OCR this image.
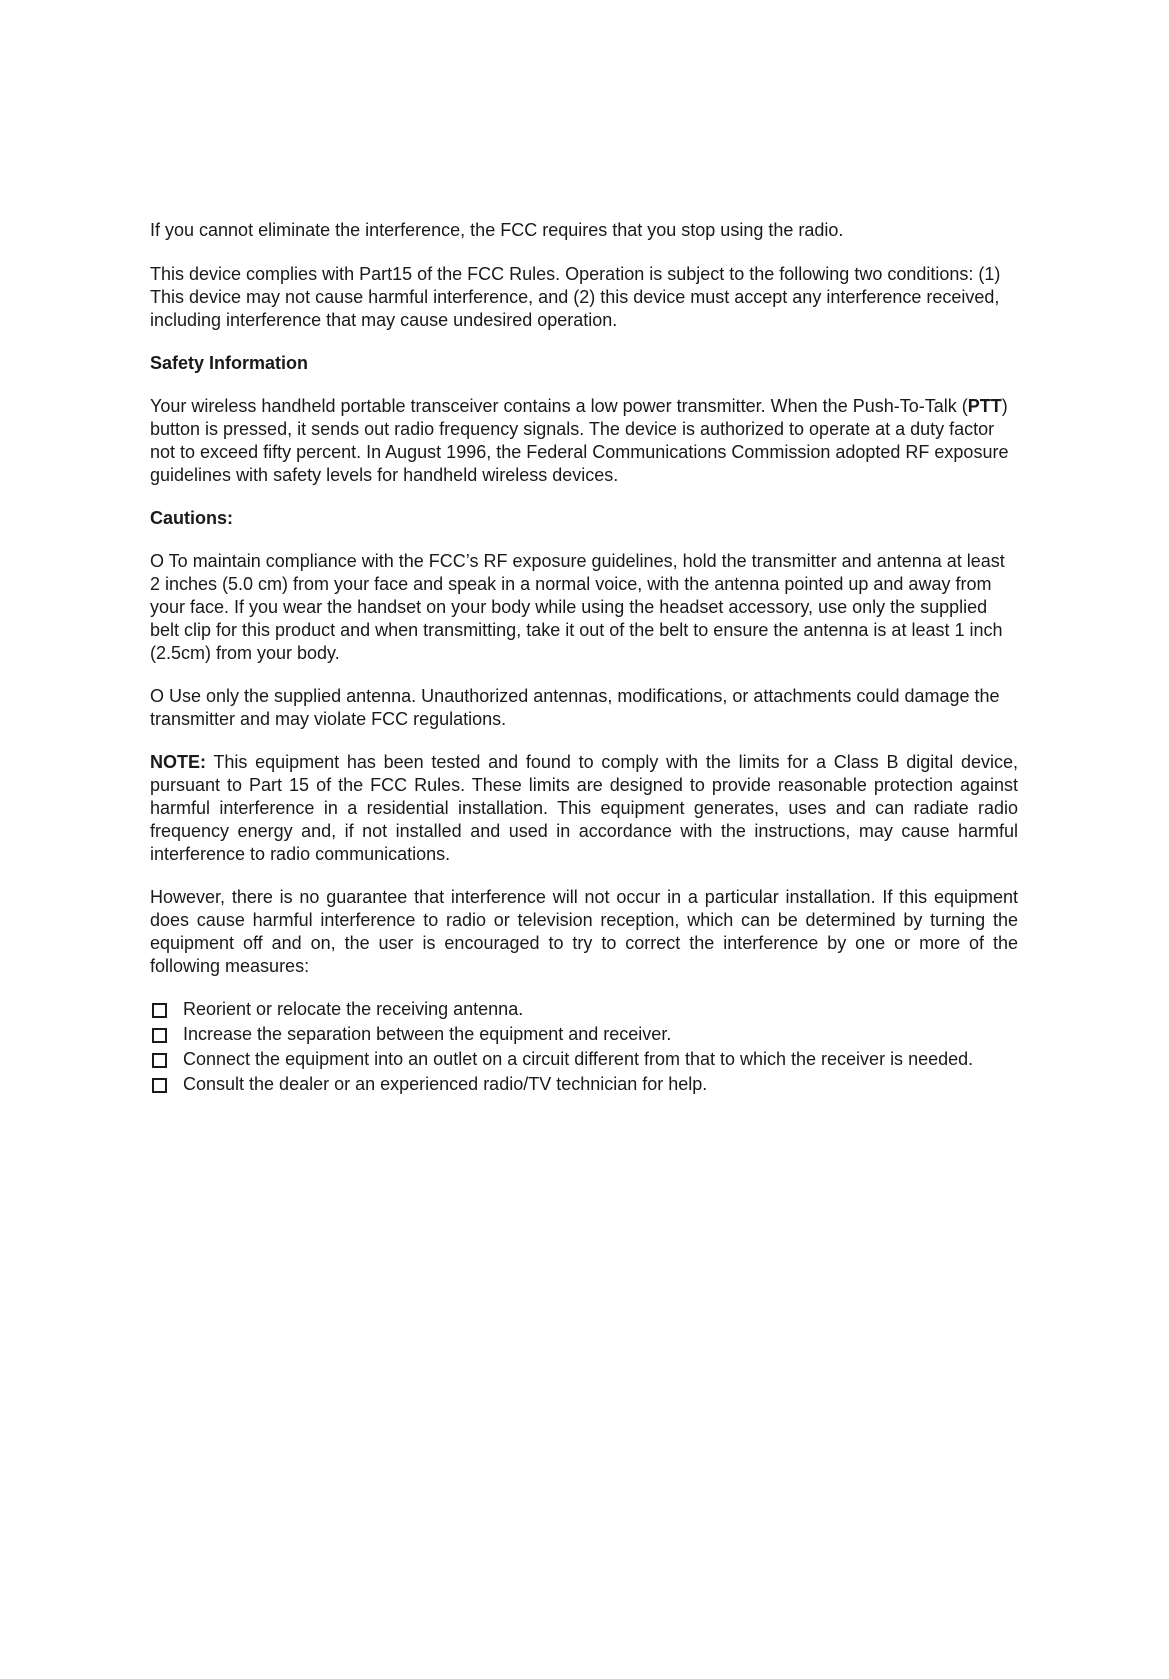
If you cannot eliminate the interference, the FCC requires that you stop using the radio.

This device complies with Part15 of the FCC Rules. Operation is subject to the following two conditions: (1) This device may not cause harmful interference, and (2) this device must accept any interference received, including interference that may cause undesired operation.

Safety Information

Your wireless handheld portable transceiver contains a low power transmitter. When the Push-To-Talk (PTT) button is pressed, it sends out radio frequency signals. The device is authorized to operate at a duty factor not to exceed fifty percent. In August 1996, the Federal Communications Commission adopted RF exposure guidelines with safety levels for handheld wireless devices.

Cautions:

O To maintain compliance with the FCC’s RF exposure guidelines, hold the transmitter and antenna at least 2 inches (5.0 cm) from your face and speak in a normal voice, with the antenna pointed up and away from your face. If you wear the handset on your body while using the headset accessory, use only the supplied belt clip for this product and when transmitting, take it out of the belt to ensure the antenna is at least 1 inch (2.5cm) from your body.

O Use only the supplied antenna. Unauthorized antennas, modifications, or attachments could damage the transmitter and may violate FCC regulations.

NOTE: This equipment has been tested and found to comply with the limits for a Class B digital device, pursuant to Part 15 of the FCC Rules. These limits are designed to provide reasonable protection against harmful interference in a residential installation. This equipment generates, uses and can radiate radio frequency energy and, if not installed and used in accordance with the instructions, may cause harmful interference to radio communications.

However, there is no guarantee that interference will not occur in a particular installation. If this equipment does cause harmful interference to radio or television reception, which can be determined by turning the equipment off and on, the user is encouraged to try to correct the interference by one or more of the following measures:

Reorient or relocate the receiving antenna.
Increase the separation between the equipment and receiver.
Connect the equipment into an outlet on a circuit different from that to which the receiver is needed.
Consult the dealer or an experienced radio/TV technician for help.
